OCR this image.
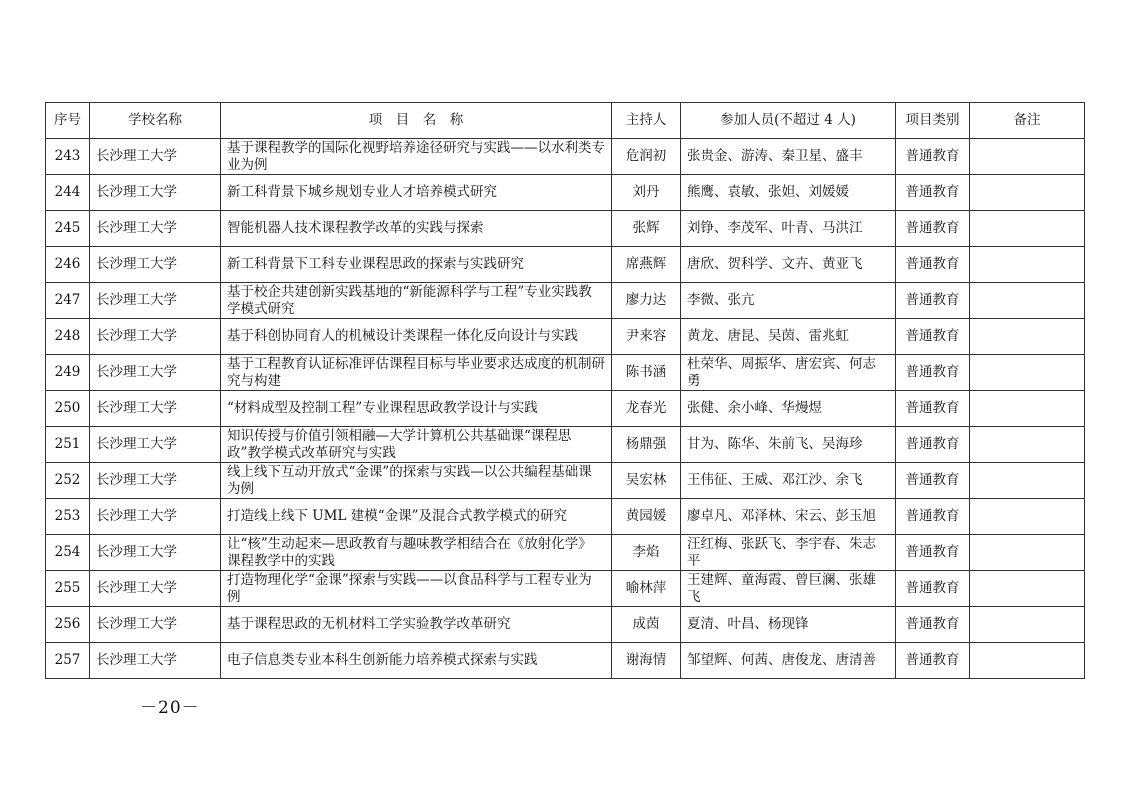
序号	学校名称	项　目　名　称	主持人	参加人员(不超过 4 人)	项目类别	备注
243	长沙理工大学	基于课程教学的国际化视野培养途径研究与实践——以水利类专业为例	危润初	张贵金、游涛、秦卫星、盛丰	普通教育	
244	长沙理工大学	新工科背景下城乡规划专业人才培养模式研究	刘丹	熊鹰、袁敏、张妲、刘媛媛	普通教育	
245	长沙理工大学	智能机器人技术课程教学改革的实践与探索	张辉	刘铮、李茂军、叶青、马洪江	普通教育	
246	长沙理工大学	新工科背景下工科专业课程思政的探索与实践研究	席燕辉	唐欣、贺科学、文卉、黄亚飞	普通教育	
247	长沙理工大学	基于校企共建创新实践基地的“新能源科学与工程”专业实践教学模式研究	廖力达	李微、张亢	普通教育	
248	长沙理工大学	基于科创协同育人的机械设计类课程一体化反向设计与实践	尹来容	黄龙、唐昆、吴茵、雷兆虹	普通教育	
249	长沙理工大学	基于工程教育认证标准评估课程目标与毕业要求达成度的机制研究与构建	陈书涵	杜荣华、周振华、唐宏宾、何志勇	普通教育	
250	长沙理工大学	“材料成型及控制工程”专业课程思政教学设计与实践	龙春光	张健、余小峰、华熳煜	普通教育	
251	长沙理工大学	知识传授与价值引领相融—大学计算机公共基础课“课程思政”教学模式改革研究与实践	杨鼎强	甘为、陈华、朱前飞、吴海珍	普通教育	
252	长沙理工大学	线上线下互动开放式“金课”的探索与实践—以公共编程基础课为例	吴宏林	王伟征、王威、邓江沙、余飞	普通教育	
253	长沙理工大学	打造线上线下 UML 建模“金课”及混合式教学模式的研究	黄园媛	廖卓凡、邓泽林、宋云、彭玉旭	普通教育	
254	长沙理工大学	让“核”生动起来—思政教育与趣味教学相结合在《放射化学》课程教学中的实践	李焰	汪红梅、张跃飞、李宇春、朱志平	普通教育	
255	长沙理工大学	打造物理化学“金课”探索与实践——以食品科学与工程专业为例	喻林萍	王建辉、童海霞、曾巨澜、张雄飞	普通教育	
256	长沙理工大学	基于课程思政的无机材料工学实验教学改革研究	成茵	夏清、叶昌、杨现锋	普通教育	
257	长沙理工大学	电子信息类专业本科生创新能力培养模式探索与实践	谢海情	邹望辉、何茜、唐俊龙、唐清善	普通教育	
－20－
